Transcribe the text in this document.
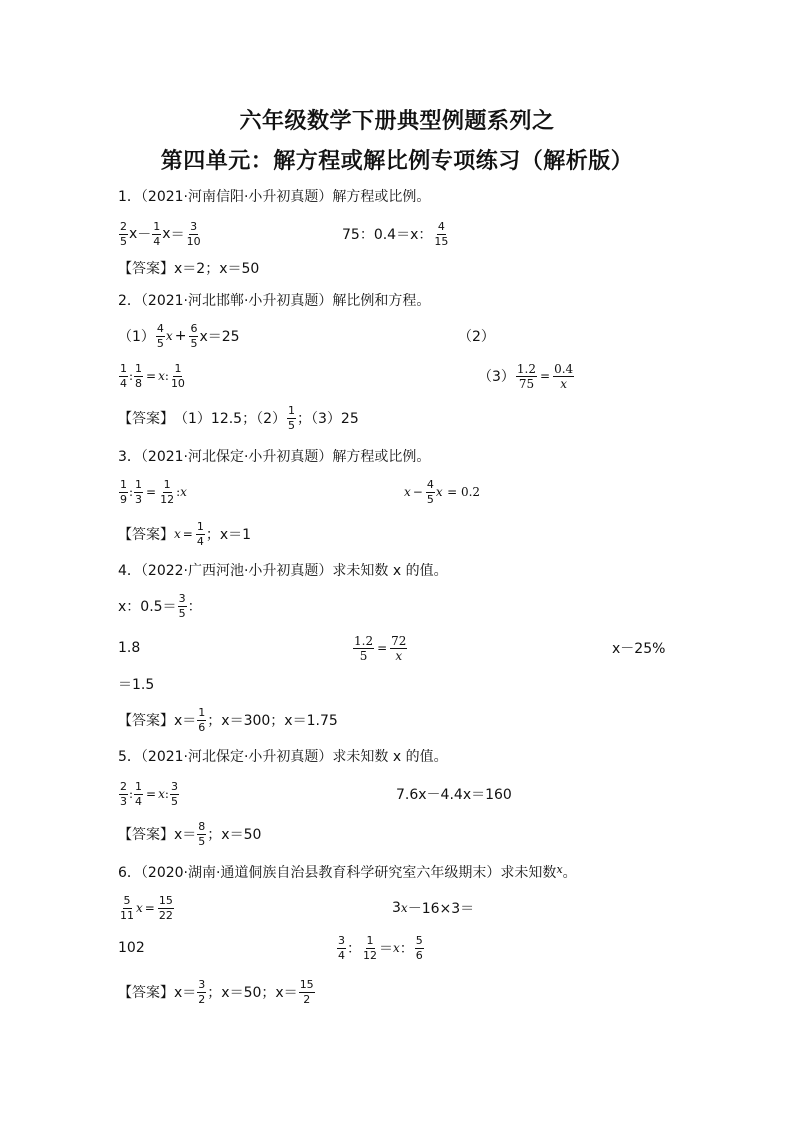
六年级数学下册典型例题系列之
第四单元：解方程或解比例专项练习（解析版）
1．（2021·河南信阳·小升初真题）解方程或比例。
$\frac{2}{5}$ $x - \frac{1}{4}$ $x = \frac{3}{10}$	75：0.4＝x： $\frac{4}{15}$
【答案】 x＝2；x＝50
2．（2021·河北邯郸·小升初真题）解比例和方程。
$(1) \frac{4}{5}$ $x + \frac{6}{5} x=25$	（2）
$\frac{1}{4}$ : $\frac{1}{8} = x$ : $\frac{1}{10}$	$(3) \frac{1.2}{75} = \frac{0.4}{x}$
【答案】 （1）12.5；$(2) \frac{1}{5}$ ；（3）25
3．（2021·河北保定·小升初真题）解方程或比例。
$\frac{1}{9}$ : $\frac{1}{3} = \frac{1}{12}$ : x	$x - \frac{4}{5}$ x
= 0.2
【答案】 $x = \frac{1}{4}$ ；x＝1
4．（2022·广西河池·小升初真题）求未知数 x 的值。
x：$0.5= \frac{3}{5}$ ：
1.8	$\frac{1.2}{5} = \frac{72}{x}$	x－25%
＝1.5
【答案】 $x= \frac{1}{6}$ ；x＝300；x＝1.75
5．（2021·河北保定·小升初真题）求未知数 x 的值。
$\frac{2}{3}$ : $\frac{1}{4} = x$ : $\frac{3}{5}$	7.6x－4.4x＝160
【答案】 $x= \frac{8}{5}$ ；x＝50
6．（2020·湖南·通道侗族自治县教育科学研究室六年级期末）求未知数 x 。
$\frac{5}{11}$ $x = \frac{15}{22}$	3 x －16×3＝
102	$\frac{3}{4}$ ： $\frac{1}{12} = x$ ： $\frac{5}{6}$
【答案】 $x= \frac{3}{2}$ ；x＝50；$x= \frac{15}{2}$
